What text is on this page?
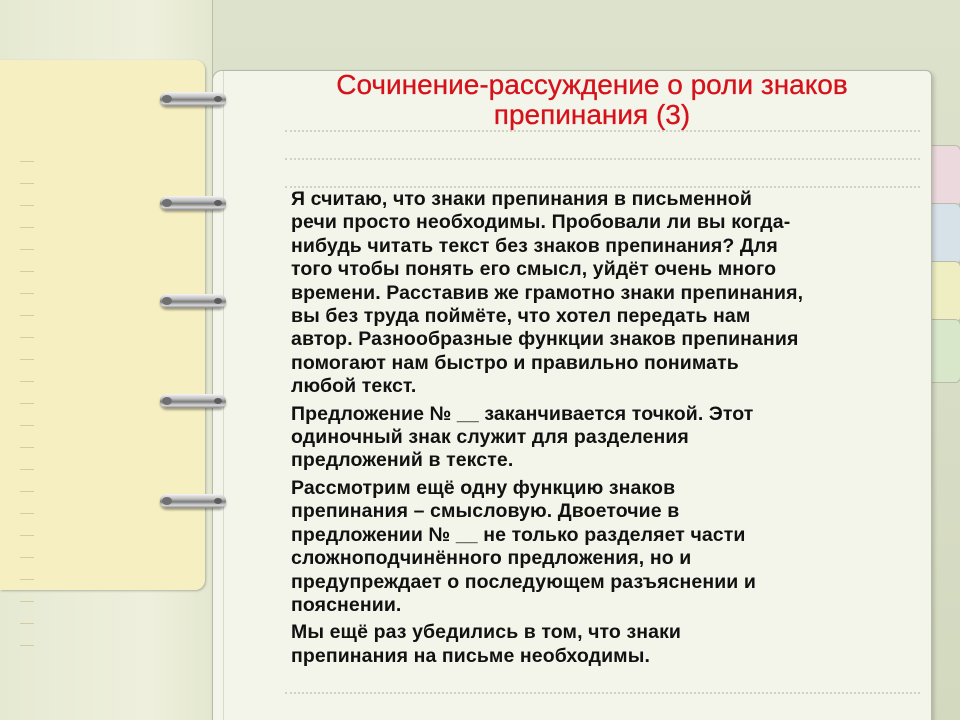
Сочинение-рассуждение о роли знаков
препинания (3)

Я считаю, что знаки препинания в письменной
речи просто необходимы. Пробовали ли вы когда-
нибудь читать текст без знаков препинания? Для
того чтобы понять его смысл, уйдёт очень много
времени. Расставив же грамотно знаки препинания,
вы без труда поймёте, что хотел передать нам
автор. Разнообразные функции знаков препинания
помогают нам быстро и правильно понимать
любой текст.

Предложение № __ заканчивается точкой. Этот
одиночный знак служит для разделения
предложений в тексте.

Рассмотрим ещё одну функцию знаков
препинания – смысловую. Двоеточие в
предложении № __ не только разделяет части
сложноподчинённого предложения, но и
предупреждает о последующем разъяснении и
пояснении.

Мы ещё раз убедились в том, что знаки
препинания на письме необходимы.
